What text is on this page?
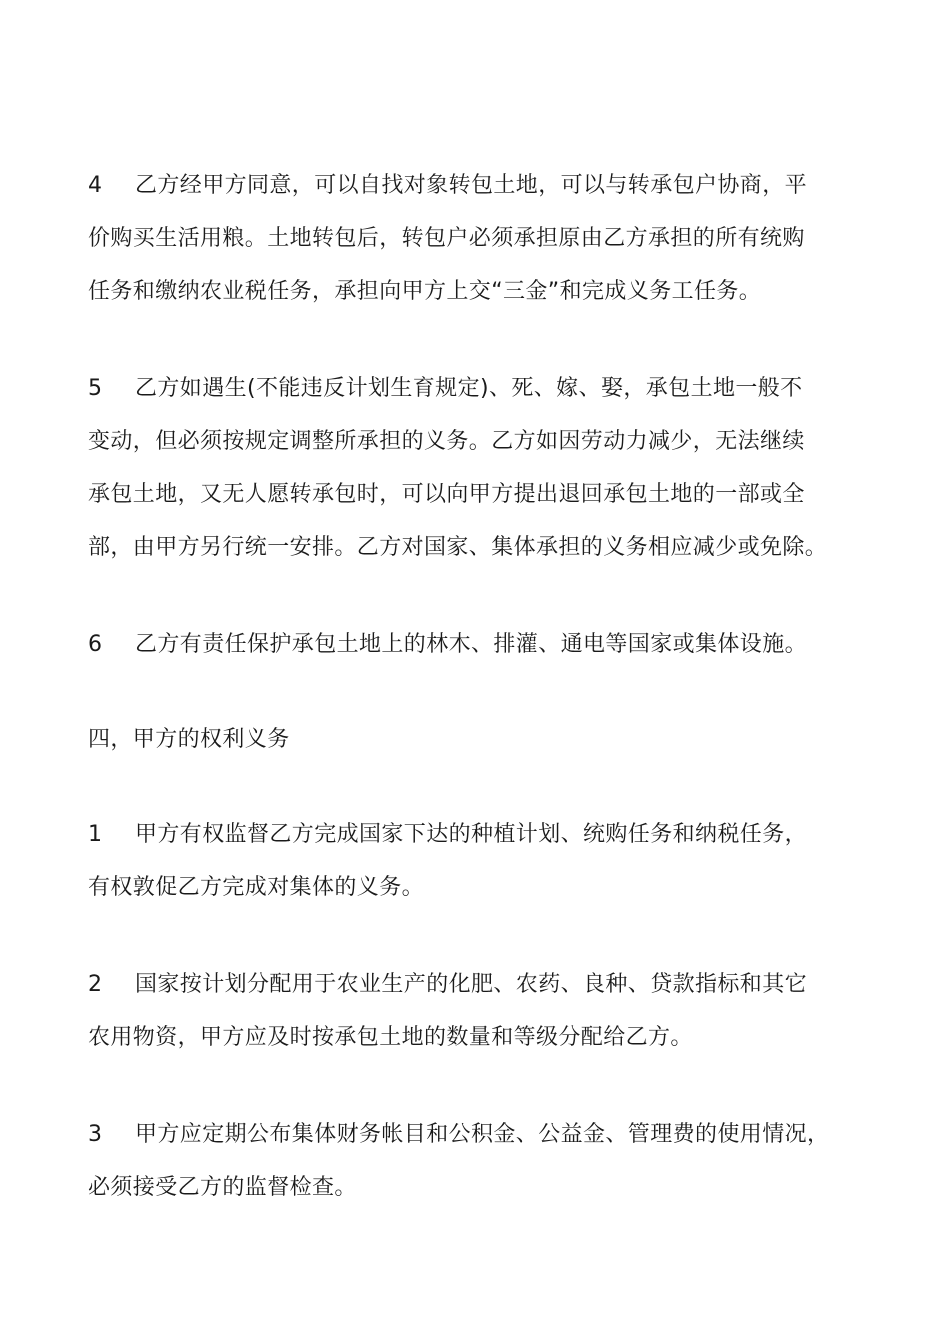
4 乙方经甲方同意，可以自找对象转包土地，可以与转承包户协商，平

价购买生活用粮。土地转包后，转包户必须承担原由乙方承担的所有统购

任务和缴纳农业税任务，承担向甲方上交“三金”和完成义务工任务。

5 乙方如遇生(不能违反计划生育规定)、死、嫁、娶，承包土地一般不

变动，但必须按规定调整所承担的义务。乙方如因劳动力减少，无法继续

承包土地，又无人愿转承包时，可以向甲方提出退回承包土地的一部或全

部，由甲方另行统一安排。乙方对国家、集体承担的义务相应减少或免除。

6 乙方有责任保护承包土地上的林木、排灌、通电等国家或集体设施。

四，甲方的权利义务

1 甲方有权监督乙方完成国家下达的种植计划、统购任务和纳税任务，

有权敦促乙方完成对集体的义务。

2 国家按计划分配用于农业生产的化肥、农药、良种、贷款指标和其它

农用物资，甲方应及时按承包土地的数量和等级分配给乙方。

3 甲方应定期公布集体财务帐目和公积金、公益金、管理费的使用情况，

必须接受乙方的监督检查。
